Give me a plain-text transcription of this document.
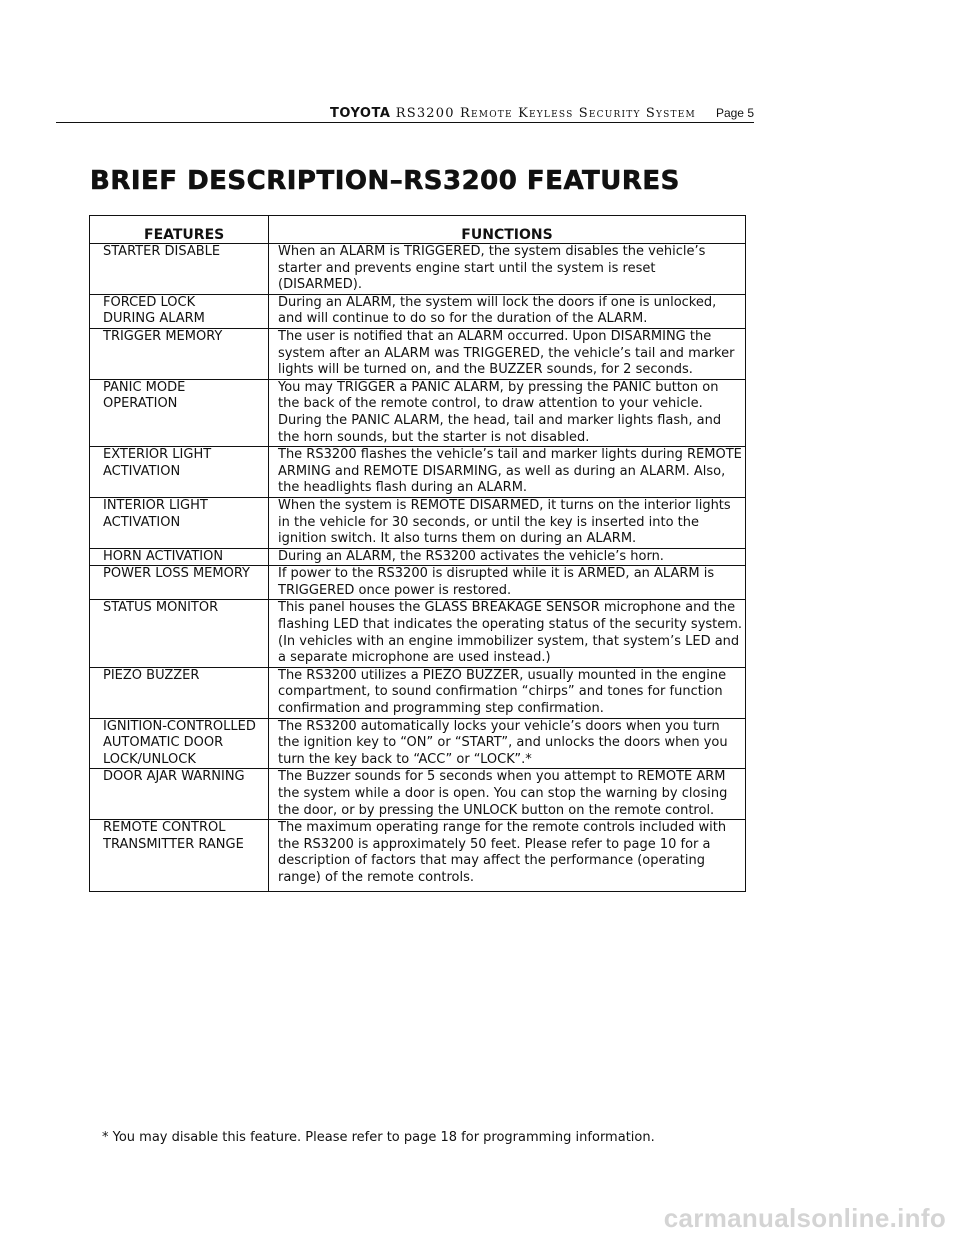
TOYOTA RS3200 Remote Keyless Security System Page 5
BRIEF DESCRIPTION–RS3200 FEATURES
FEATURES	FUNCTIONS
STARTER DISABLE	When an ALARM is TRIGGERED, the system disables the vehicle’s starter and prevents engine start until the system is reset (DISARMED).
FORCED LOCK
DURING ALARM	During an ALARM, the system will lock the doors if one is unlocked, and will continue to do so for the duration of the ALARM.
TRIGGER MEMORY	The user is notified that an ALARM occurred. Upon DISARMING the system after an ALARM was TRIGGERED, the vehicle’s tail and marker lights will be turned on, and the BUZZER sounds, for 2 seconds.
PANIC MODE
OPERATION	You may TRIGGER a PANIC ALARM, by pressing the PANIC button on the back of the remote control, to draw attention to your vehicle. During the PANIC ALARM, the head, tail and marker lights flash, and the horn sounds, but the starter is not disabled.
EXTERIOR LIGHT
ACTIVATION	The RS3200 flashes the vehicle’s tail and marker lights during REMOTE ARMING and REMOTE DISARMING, as well as during an ALARM. Also, the headlights flash during an ALARM.
INTERIOR LIGHT
ACTIVATION	When the system is REMOTE DISARMED, it turns on the interior lights in the vehicle for 30 seconds, or until the key is inserted into the ignition switch. It also turns them on during an ALARM.
HORN ACTIVATION	During an ALARM, the RS3200 activates the vehicle’s horn.
POWER LOSS MEMORY	If power to the RS3200 is disrupted while it is ARMED, an ALARM is TRIGGERED once power is restored.
STATUS MONITOR	This panel houses the GLASS BREAKAGE SENSOR microphone and the flashing LED that indicates the operating status of the security system. (In vehicles with an engine immobilizer system, that system’s LED and a separate microphone are used instead.)
PIEZO BUZZER	The RS3200 utilizes a PIEZO BUZZER, usually mounted in the engine compartment, to sound confirmation “chirps” and tones for function confirmation and programming step confirmation.
IGNITION-CONTROLLED
AUTOMATIC DOOR
LOCK/UNLOCK	The RS3200 automatically locks your vehicle’s doors when you turn the ignition key to “ON” or “START”, and unlocks the doors when you turn the key back to “ACC” or “LOCK”.*
DOOR AJAR WARNING	The Buzzer sounds for 5 seconds when you attempt to REMOTE ARM the system while a door is open. You can stop the warning by closing the door, or by pressing the UNLOCK button on the remote control.
REMOTE CONTROL
TRANSMITTER RANGE	The maximum operating range for the remote controls included with the RS3200 is approximately 50 feet. Please refer to page 10 for a description of factors that may affect the performance (operating range) of the remote controls.
* You may disable this feature. Please refer to page 18 for programming information.
carmanualsonline.info
